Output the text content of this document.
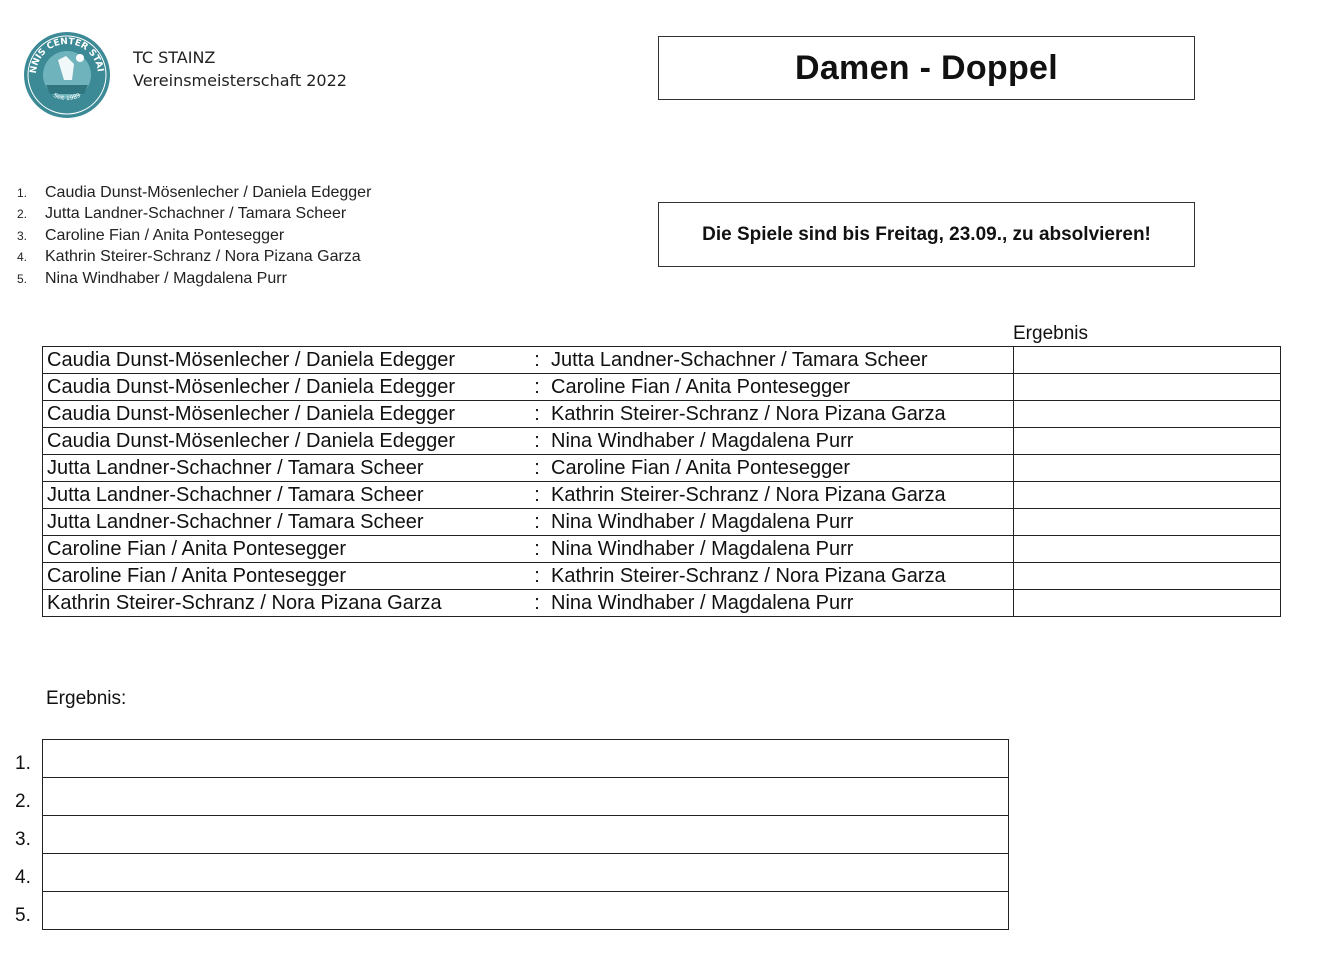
NNIS CENTER STAI
Seit 1989
TC STAINZ
Vereinsmeisterschaft 2022	Damen - Doppel
1.	Caudia Dunst-Mösenlecher / Daniela Edegger
2.	Jutta Landner-Schachner / Tamara Scheer
3.	Caroline Fian / Anita Pontesegger
4.	Kathrin Steirer-Schranz / Nora Pizana Garza
5.	Nina Windhaber / Magdalena Purr
Die Spiele sind bis Freitag, 23.09., zu absolvieren!
Ergebnis
Caudia Dunst-Mösenlecher / Daniela Edegger	:	Jutta Landner-Schachner / Tamara Scheer	
Caudia Dunst-Mösenlecher / Daniela Edegger	:	Caroline Fian / Anita Pontesegger	
Caudia Dunst-Mösenlecher / Daniela Edegger	:	Kathrin Steirer-Schranz / Nora Pizana Garza	
Caudia Dunst-Mösenlecher / Daniela Edegger	:	Nina Windhaber / Magdalena Purr	
Jutta Landner-Schachner / Tamara Scheer	:	Caroline Fian / Anita Pontesegger	
Jutta Landner-Schachner / Tamara Scheer	:	Kathrin Steirer-Schranz / Nora Pizana Garza	
Jutta Landner-Schachner / Tamara Scheer	:	Nina Windhaber / Magdalena Purr	
Caroline Fian / Anita Pontesegger	:	Nina Windhaber / Magdalena Purr	
Caroline Fian / Anita Pontesegger	:	Kathrin Steirer-Schranz / Nora Pizana Garza	
Kathrin Steirer-Schranz / Nora Pizana Garza	:	Nina Windhaber / Magdalena Purr	
Ergebnis:
1.
2.
3.
4.
5.
